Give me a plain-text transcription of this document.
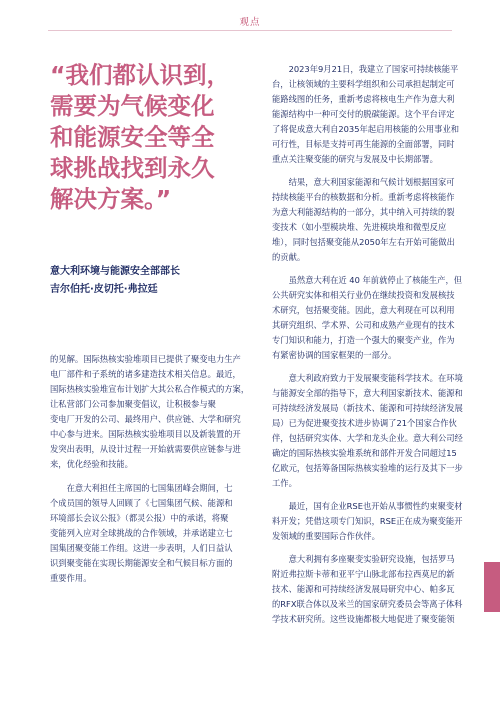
观点

“我们都认识到，
需要为气候变化
和能源安全等全
球挑战找到永久
解决方案。”

意大利环境与能源安全部部长
吉尔伯托·皮切托·弗拉廷
的见解。国际热核实验堆项目已提供了聚变电力生产
电厂部件和子系统的诸多建造技术相关信息。最近，
国际热核实验堆宣布计划扩大其公私合作模式的方案，
让私营部门公司参加聚变倡议，让积极参与聚
变电厂开发的公司、最终用户、供应链、大学和研究
中心参与进来。国际热核实验堆项目以及新装置的开
发突出表明，从设计过程一开始就需要供应链参与进
来，优化经验和技能。
在意大利担任主席国的七国集团峰会期间，七
个成员国的领导人回顾了《七国集团气候、能源和
环境部长会议公报》（都灵公报）中的承诺，将聚
变能列入应对全球挑战的合作领域，并承诺建立七
国集团聚变能工作组。这进一步表明，人们日益认
识到聚变能在实现长期能源安全和气候目标方面的
重要作用。
2023年9月21日，我建立了国家可持续核能平
台，让核领域的主要科学组织和公司承担起制定可
能路线图的任务，重新考虑将核电生产作为意大利
能源结构中一种可交付的脱碳能源。这个平台评定
了将促成意大利自2035年起启用核能的公用事业和
可行性，目标是支持可再生能源的全面部署，同时
重点关注聚变能的研究与发展及中长期部署。
结果，意大利国家能源和气候计划根据国家可
持续核能平台的核数据和分析。重新考虑将核能作
为意大利能源结构的一部分，其中纳入可持续的裂
变技术（如小型模块堆、先进模块堆和微型反应
堆），同时包括聚变能从2050年左右开始可能做出
的贡献。
虽然意大利在近 40 年前就停止了核能生产，但
公共研究实体和相关行业仍在继续投资和发展核技
术研究，包括聚变能。因此，意大利现在可以利用
其研究组织、学术界、公司和成熟产业现有的技术
专门知识和能力，打造一个强大的聚变产业，作为
有紧密协调的国家框架的一部分。
意大利政府致力于发展聚变能科学技术。在环境
与能源安全部的指导下，意大利国家新技术、能源和
可持续经济发展局（新技术、能源和可持续经济发展
局）已为促进聚变技术进步协调了21个国家合作伙
伴，包括研究实体、大学和龙头企业。意大利公司经
确定的国际热核实验堆系统和部件开发合同超过15
亿欧元，包括筹备国际热核实验堆的运行及其下一步
工作。
最近，国有企业RSE也开始从事惯性约束聚变材
料开发；凭借这项专门知识，RSE正在成为聚变能开
发领域的重要国际合作伙伴。
意大利拥有多座聚变实验研究设施，包括罗马
附近弗拉斯卡蒂和亚平宁山脉北部布拉西莫尼的新
技术、能源和可持续经济发展局研究中心、帕多瓦
的RFX联合体以及米兰的国家研究委员会等离子体科
学技术研究所。这些设施都极大地促进了聚变能领
